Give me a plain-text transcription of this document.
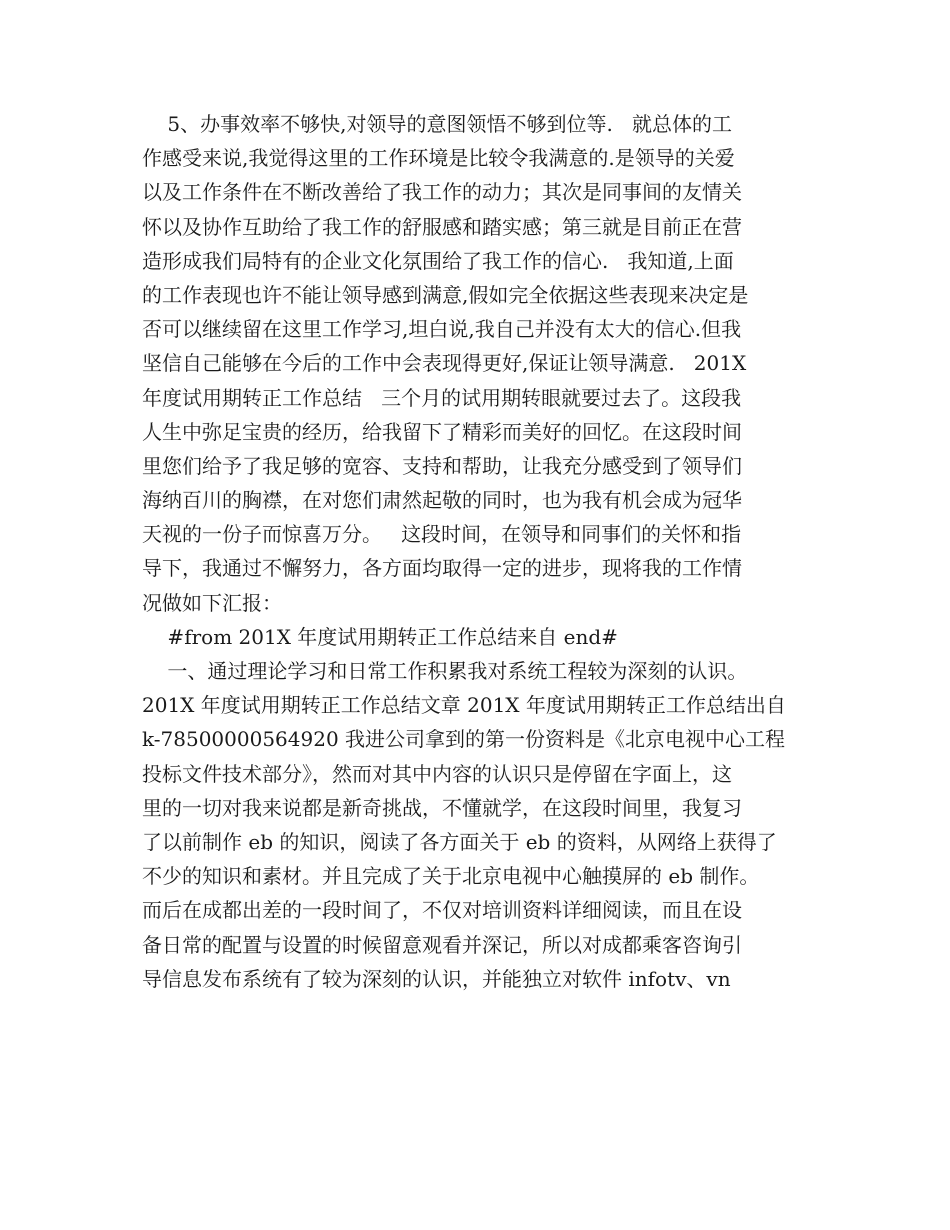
5、办事效率不够快,对领导的意图领悟不够到位等.   就总体的工
作感受来说,我觉得这里的工作环境是比较令我满意的.是领导的关爱
以及工作条件在不断改善给了我工作的动力；其次是同事间的友情关
怀以及协作互助给了我工作的舒服感和踏实感；第三就是目前正在营
造形成我们局特有的企业文化氛围给了我工作的信心.   我知道,上面
的工作表现也许不能让领导感到满意,假如完全依据这些表现来决定是
否可以继续留在这里工作学习,坦白说,我自己并没有太大的信心.但我
坚信自己能够在今后的工作中会表现得更好,保证让领导满意.   201X
年度试用期转正工作总结   三个月的试用期转眼就要过去了。这段我
人生中弥足宝贵的经历，给我留下了精彩而美好的回忆。在这段时间
里您们给予了我足够的宽容、支持和帮助，让我充分感受到了领导们
海纳百川的胸襟，在对您们肃然起敬的同时，也为我有机会成为冠华
天视的一份子而惊喜万分。   这段时间，在领导和同事们的关怀和指
导下，我通过不懈努力，各方面均取得一定的进步，现将我的工作情
况做如下汇报：
#from 201X 年度试用期转正工作总结来自 end#
一、通过理论学习和日常工作积累我对系统工程较为深刻的认识。
201X 年度试用期转正工作总结文章 201X 年度试用期转正工作总结出自
k-78500000564920 我进公司拿到的第一份资料是《北京电视中心工程
投标文件技术部分》，然而对其中内容的认识只是停留在字面上，这
里的一切对我来说都是新奇挑战，不懂就学，在这段时间里，我复习
了以前制作 eb 的知识，阅读了各方面关于 eb 的资料，从网络上获得了
不少的知识和素材。并且完成了关于北京电视中心触摸屏的 eb 制作。
而后在成都出差的一段时间了，不仅对培训资料详细阅读，而且在设
备日常的配置与设置的时候留意观看并深记，所以对成都乘客咨询引
导信息发布系统有了较为深刻的认识，并能独立对软件 infotv、vn
